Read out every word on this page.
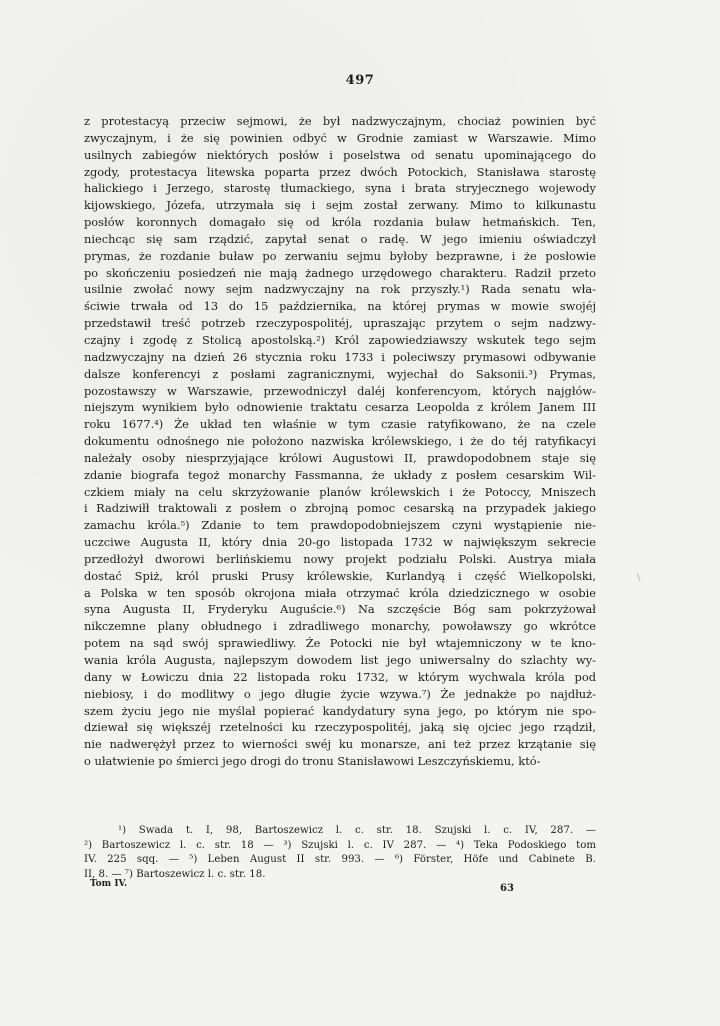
497
z protestacyą przeciw sejmowi, że był nadzwyczajnym, chociaż powinien być
zwyczajnym, i że się powinien odbyć w Grodnie zamiast w Warszawie. Mimo
usilnych zabiegów niektórych posłów i poselstwa od senatu upominającego do
zgody, protestacya litewska poparta przez dwóch Potockich, Stanisława starostę
halickiego i Jerzego, starostę tłumackiego, syna i brata stryjecznego wojewody
kijowskiego, Józefa, utrzymała się i sejm został zerwany. Mimo to kilkunastu
posłów koronnych domagało się od króla rozdania buław hetmańskich. Ten,
niechcąc się sam rządzić, zapytał senat o radę. W jego imieniu oświadczył
prymas, że rozdanie buław po zerwaniu sejmu byłoby bezprawne, i że posłowie
po skończeniu posiedzeń nie mają żadnego urzędowego charakteru. Radził przeto
usilnie zwołać nowy sejm nadzwyczajny na rok przyszły.¹) Rada senatu wła-
ściwie trwała od 13 do 15 października, na której prymas w mowie swojéj
przedstawił treść potrzeb rzeczypospolitéj, upraszając przytem o sejm nadzwy-
czajny i zgodę z Stolicą apostolską.²) Król zapowiedziawszy wskutek tego sejm
nadzwyczajny na dzień 26 stycznia roku 1733 i poleciwszy prymasowi odbywanie
dalsze konferencyi z posłami zagranicznymi, wyjechał do Saksonii.³) Prymas,
pozostawszy w Warszawie, przewodniczył daléj konferencyom, których najgłów-
niejszym wynikiem było odnowienie traktatu cesarza Leopolda z królem Janem III
roku 1677.⁴) Że układ ten właśnie w tym czasie ratyfikowano, że na czele
dokumentu odnośnego nie położono nazwiska królewskiego, i że do téj ratyfikacyi
należały osoby niesprzyjające królowi Augustowi II, prawdopodobnem staje się
zdanie biografa tegoż monarchy Fassmanna, że układy z posłem cesarskim Wil-
czkiem miały na celu skrzyżowanie planów królewskich i że Potoccy, Mniszech
i Radziwiłł traktowali z posłem o zbrojną pomoc cesarską na przypadek jakiego
zamachu króla.⁵) Zdanie to tem prawdopodobniejszem czyni wystąpienie nie-
uczciwe Augusta II, który dnia 20-go listopada 1732 w największym sekrecie
przedłożył dworowi berlińskiemu nowy projekt podziału Polski. Austrya miała
dostać Spiż, król pruski Prusy królewskie, Kurlandyą i część Wielkopolski,
a Polska w ten sposób okrojona miała otrzymać króla dziedzicznego w osobie
syna Augusta II, Fryderyku Auguście.⁶) Na szczęście Bóg sam pokrzyżował
nikczemne plany obłudnego i zdradliwego monarchy, powoławszy go wkrótce
potem na sąd swój sprawiedliwy. Że Potocki nie był wtajemniczony w te kno-
wania króla Augusta, najlepszym dowodem list jego uniwersalny do szlachty wy-
dany w Łowiczu dnia 22 listopada roku 1732, w którym wychwala króla pod
niebiosy, i do modlitwy o jego długie życie wzywa.⁷) Że jednakże po najdłuż-
szem życiu jego nie myślał popierać kandydatury syna jego, po którym nie spo-
dziewał się większéj rzetelności ku rzeczypospolitéj, jaką się ojciec jego rządził,
nie nadwerężył przez to wierności swéj ku monarsze, ani też przez krzątanie się
o ułatwienie po śmierci jego drogi do tronu Stanisławowi Leszczyńskiemu, któ-
¹) Swada t. I, 98, Bartoszewicz l. c. str. 18. Szujski l. c. IV, 287. —
²) Bartoszewicz l. c. str. 18 — ³) Szujski l. c. IV 287. — ⁴) Teka Podoskiego tom
IV. 225 sqq. — ⁵) Leben August II str. 993. — ⁶) Förster, Höfe und Cabinete B.
II, 8. — ⁷) Bartoszewicz l. c. str. 18.
Tom IV.	63
